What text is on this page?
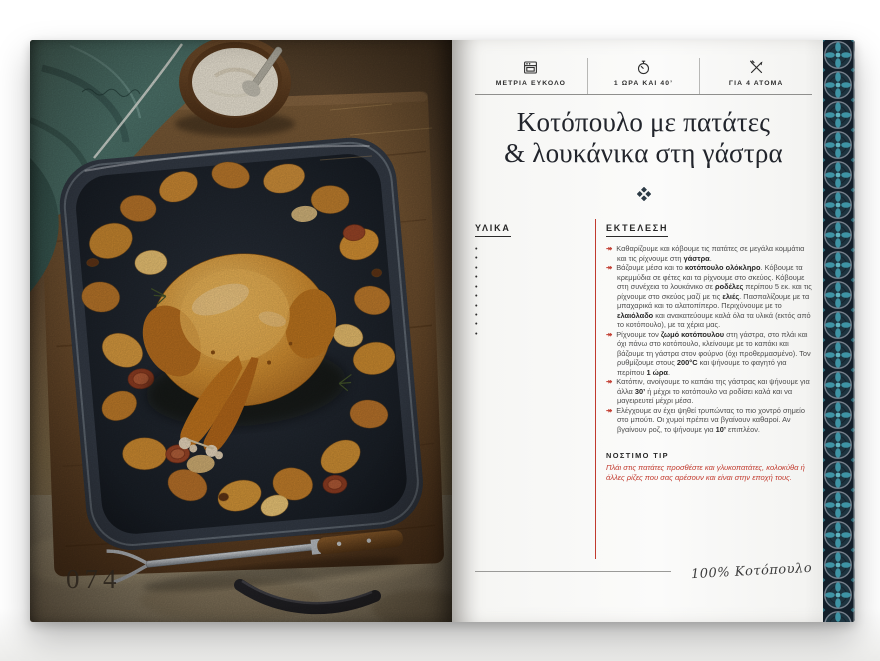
074
ΜΕΤΡΙΑ ΕΥΚΟΛΟ	1 ΩΡΑ ΚΑΙ 40’	ΓΙΑ 4 ΑΤΟΜΑ
Κοτόπουλο με πατάτες
& λουκάνικα στη γάστρα
ΥΛΙΚΑ
•
•
•
•
•
•
•
•
•
•	ΕΚΤΕΛΕΣΗ

↠ Καθαρίζουμε και κόβουμε τις πατάτες σε μεγάλα κομμάτια και τις ρίχνουμε στη γάστρα.

↠ Βάζουμε μέσα και το κοτόπουλο ολόκληρο. Κόβουμε τα κρεμμύδια σε φέτες και τα ρίχνουμε στο σκεύος. Κόβουμε στη συνέχεια το λουκάνικο σε ροδέλες περίπου 5 εκ. και τις ρίχνουμε στο σκεύος μαζί με τις ελιές. Πασπαλίζουμε με τα μπαχαρικά και το αλατοπίπερο. Περιχύνουμε με το ελαιόλαδο και ανακατεύουμε καλά όλα τα υλικά (εκτός από το κοτόπουλο), με τα χέρια μας.

↠ Ρίχνουμε τον ζωμό κοτόπουλου στη γάστρα, στο πλάι και όχι πάνω στο κοτόπουλο, κλείνουμε με το καπάκι και βάζουμε τη γάστρα στον φούρνο (όχι προθερμασμένο). Τον ρυθμίζουμε στους 200°C και ψήνουμε το φαγητό για περίπου 1 ώρα.

↠ Κατόπιν, ανοίγουμε το καπάκι της γάστρας και ψήνουμε για άλλα 30’ ή μέχρι το κοτόπουλο να ροδίσει καλά και να μαγειρευτεί μέχρι μέσα.

↠ Ελέγχουμε αν έχει ψηθεί τρυπώντας το πιο χοντρό σημείο στο μπούτι. Οι χυμοί πρέπει να βγαίνουν καθαροί. Αν βγαίνουν ροζ, το ψήνουμε για 10’ επιπλέον.

ΝΟΣΤΙΜΟ TIP

Πλάι στις πατάτες προσθέστε και γλυκοπατάτες, κολοκύθα ή άλλες ρίζες που σας αρέσουν και είναι στην εποχή τους.

100% Κοτόπουλο
